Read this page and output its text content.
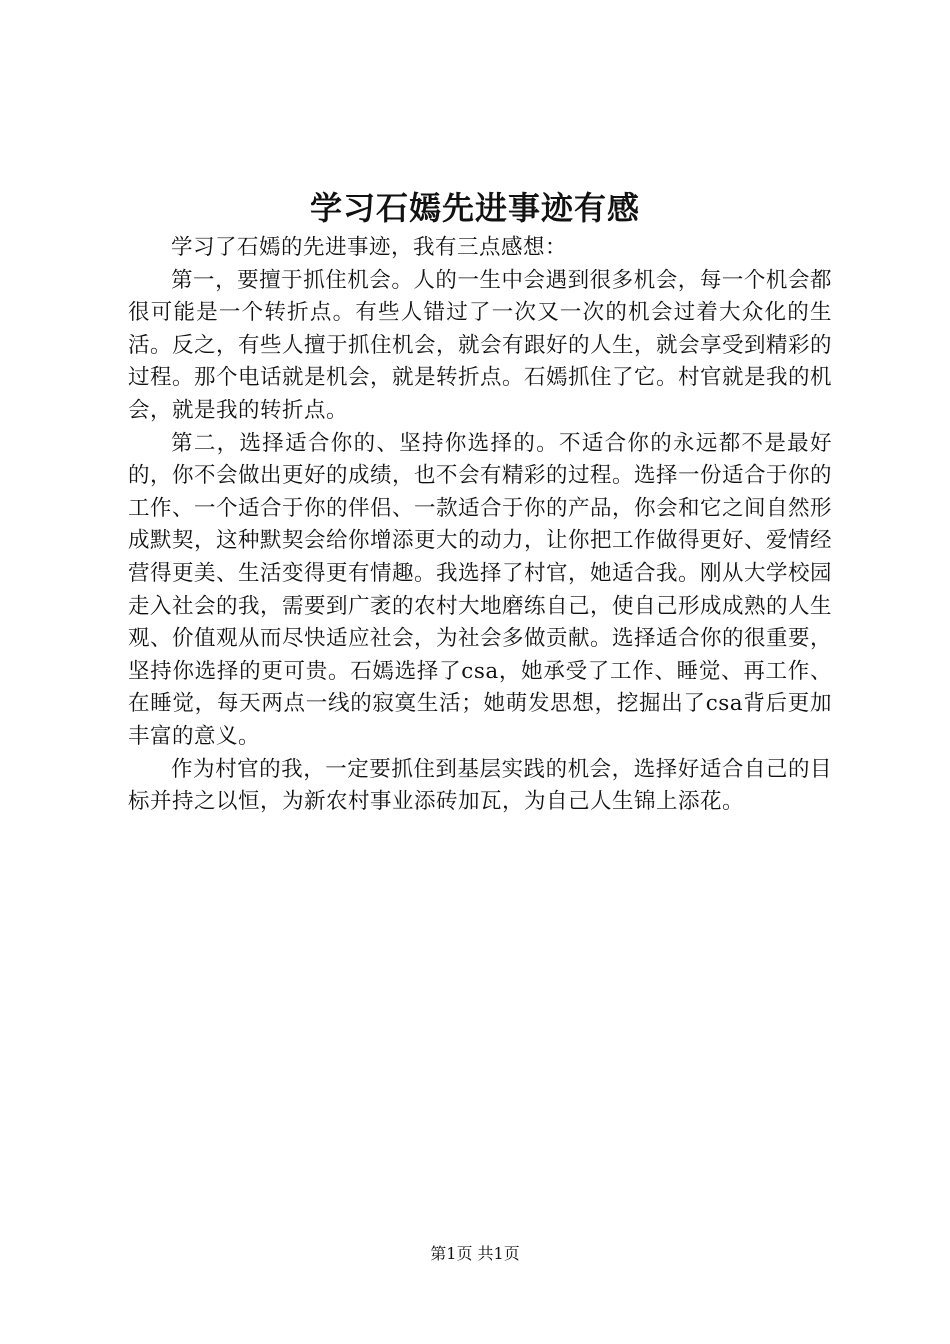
学习石嫣先进事迹有感

学习了石嫣的先进事迹，我有三点感想：

第一，要擅于抓住机会。人的一生中会遇到很多机会，每一个机会都很可能是一个转折点。有些人错过了一次又一次的机会过着大众化的生活。反之，有些人擅于抓住机会，就会有跟好的人生，就会享受到精彩的过程。那个电话就是机会，就是转折点。石嫣抓住了它。村官就是我的机会，就是我的转折点。

第二，选择适合你的、坚持你选择的。不适合你的永远都不是最好的，你不会做出更好的成绩，也不会有精彩的过程。选择一份适合于你的工作、一个适合于你的伴侣、一款适合于你的产品，你会和它之间自然形成默契，这种默契会给你增添更大的动力，让你把工作做得更好、爱情经营得更美、生活变得更有情趣。我选择了村官，她适合我。刚从大学校园走入社会的我，需要到广袤的农村大地磨练自己，使自己形成成熟的人生观、价值观从而尽快适应社会，为社会多做贡献。选择适合你的很重要，坚持你选择的更可贵。石嫣选择了csa，她承受了工作、睡觉、再工作、在睡觉，每天两点一线的寂寞生活；她萌发思想，挖掘出了csa背后更加丰富的意义。

作为村官的我，一定要抓住到基层实践的机会，选择好适合自己的目标并持之以恒，为新农村事业添砖加瓦，为自己人生锦上添花。

第1页 共1页
